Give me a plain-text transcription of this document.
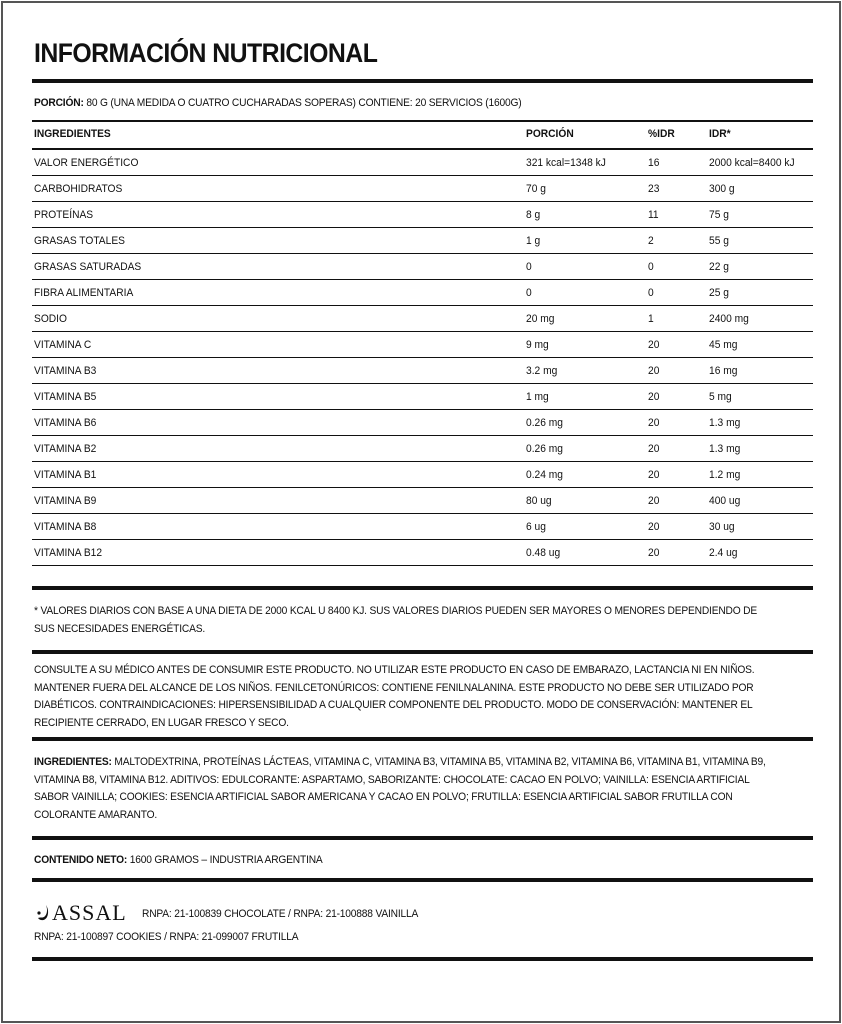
INFORMACIÓN NUTRICIONAL
PORCIÓN: 80 G (UNA MEDIDA O CUATRO CUCHARADAS SOPERAS) CONTIENE: 20 SERVICIOS (1600G)
INGREDIENTES	PORCIÓN	%IDR	IDR*
VALOR ENERGÉTICO	321 kcal=1348 kJ	16	2000 kcal=8400 kJ
CARBOHIDRATOS	70 g	23	300 g
PROTEÍNAS	8 g	11	75 g
GRASAS TOTALES	1 g	2	55 g
GRASAS SATURADAS	0	0	22 g
FIBRA ALIMENTARIA	0	0	25 g
SODIO	20 mg	1	2400 mg
VITAMINA C	9 mg	20	45 mg
VITAMINA B3	3.2 mg	20	16 mg
VITAMINA B5	1 mg	20	5 mg
VITAMINA B6	0.26 mg	20	1.3 mg
VITAMINA B2	0.26 mg	20	1.3 mg
VITAMINA B1	0.24 mg	20	1.2 mg
VITAMINA B9	80 ug	20	400 ug
VITAMINA B8	6 ug	20	30 ug
VITAMINA B12	0.48 ug	20	2.4 ug
* VALORES DIARIOS CON BASE A UNA DIETA DE 2000 KCAL U 8400 KJ. SUS VALORES DIARIOS PUEDEN SER MAYORES O MENORES DEPENDIENDO DE SUS NECESIDADES ENERGÉTICAS.
CONSULTE A SU MÉDICO ANTES DE CONSUMIR ESTE PRODUCTO. NO UTILIZAR ESTE PRODUCTO EN CASO DE EMBARAZO, LACTANCIA NI EN NIÑOS. MANTENER FUERA DEL ALCANCE DE LOS NIÑOS. FENILCETONÚRICOS: CONTIENE FENILNALANINA. ESTE PRODUCTO NO DEBE SER UTILIZADO POR DIABÉTICOS. CONTRAINDICACIONES: HIPERSENSIBILIDAD A CUALQUIER COMPONENTE DEL PRODUCTO. MODO DE CONSERVACIÓN: MANTENER EL RECIPIENTE CERRADO, EN LUGAR FRESCO Y SECO.
INGREDIENTES: MALTODEXTRINA, PROTEÍNAS LÁCTEAS, VITAMINA C, VITAMINA B3, VITAMINA B5, VITAMINA B2, VITAMINA B6, VITAMINA B1, VITAMINA B9, VITAMINA B8, VITAMINA B12. ADITIVOS: EDULCORANTE: ASPARTAMO, SABORIZANTE: CHOCOLATE: CACAO EN POLVO; VAINILLA: ESENCIA ARTIFICIAL SABOR VAINILLA; COOKIES: ESENCIA ARTIFICIAL SABOR AMERICANA Y CACAO EN POLVO; FRUTILLA: ESENCIA ARTIFICIAL SABOR FRUTILLA CON COLORANTE AMARANTO.
CONTENIDO NETO: 1600 GRAMOS – INDUSTRIA ARGENTINA
ASSAL RNPA: 21-100839 CHOCOLATE / RNPA: 21-100888 VAINILLA
RNPA: 21-100897 COOKIES / RNPA: 21-099007 FRUTILLA
